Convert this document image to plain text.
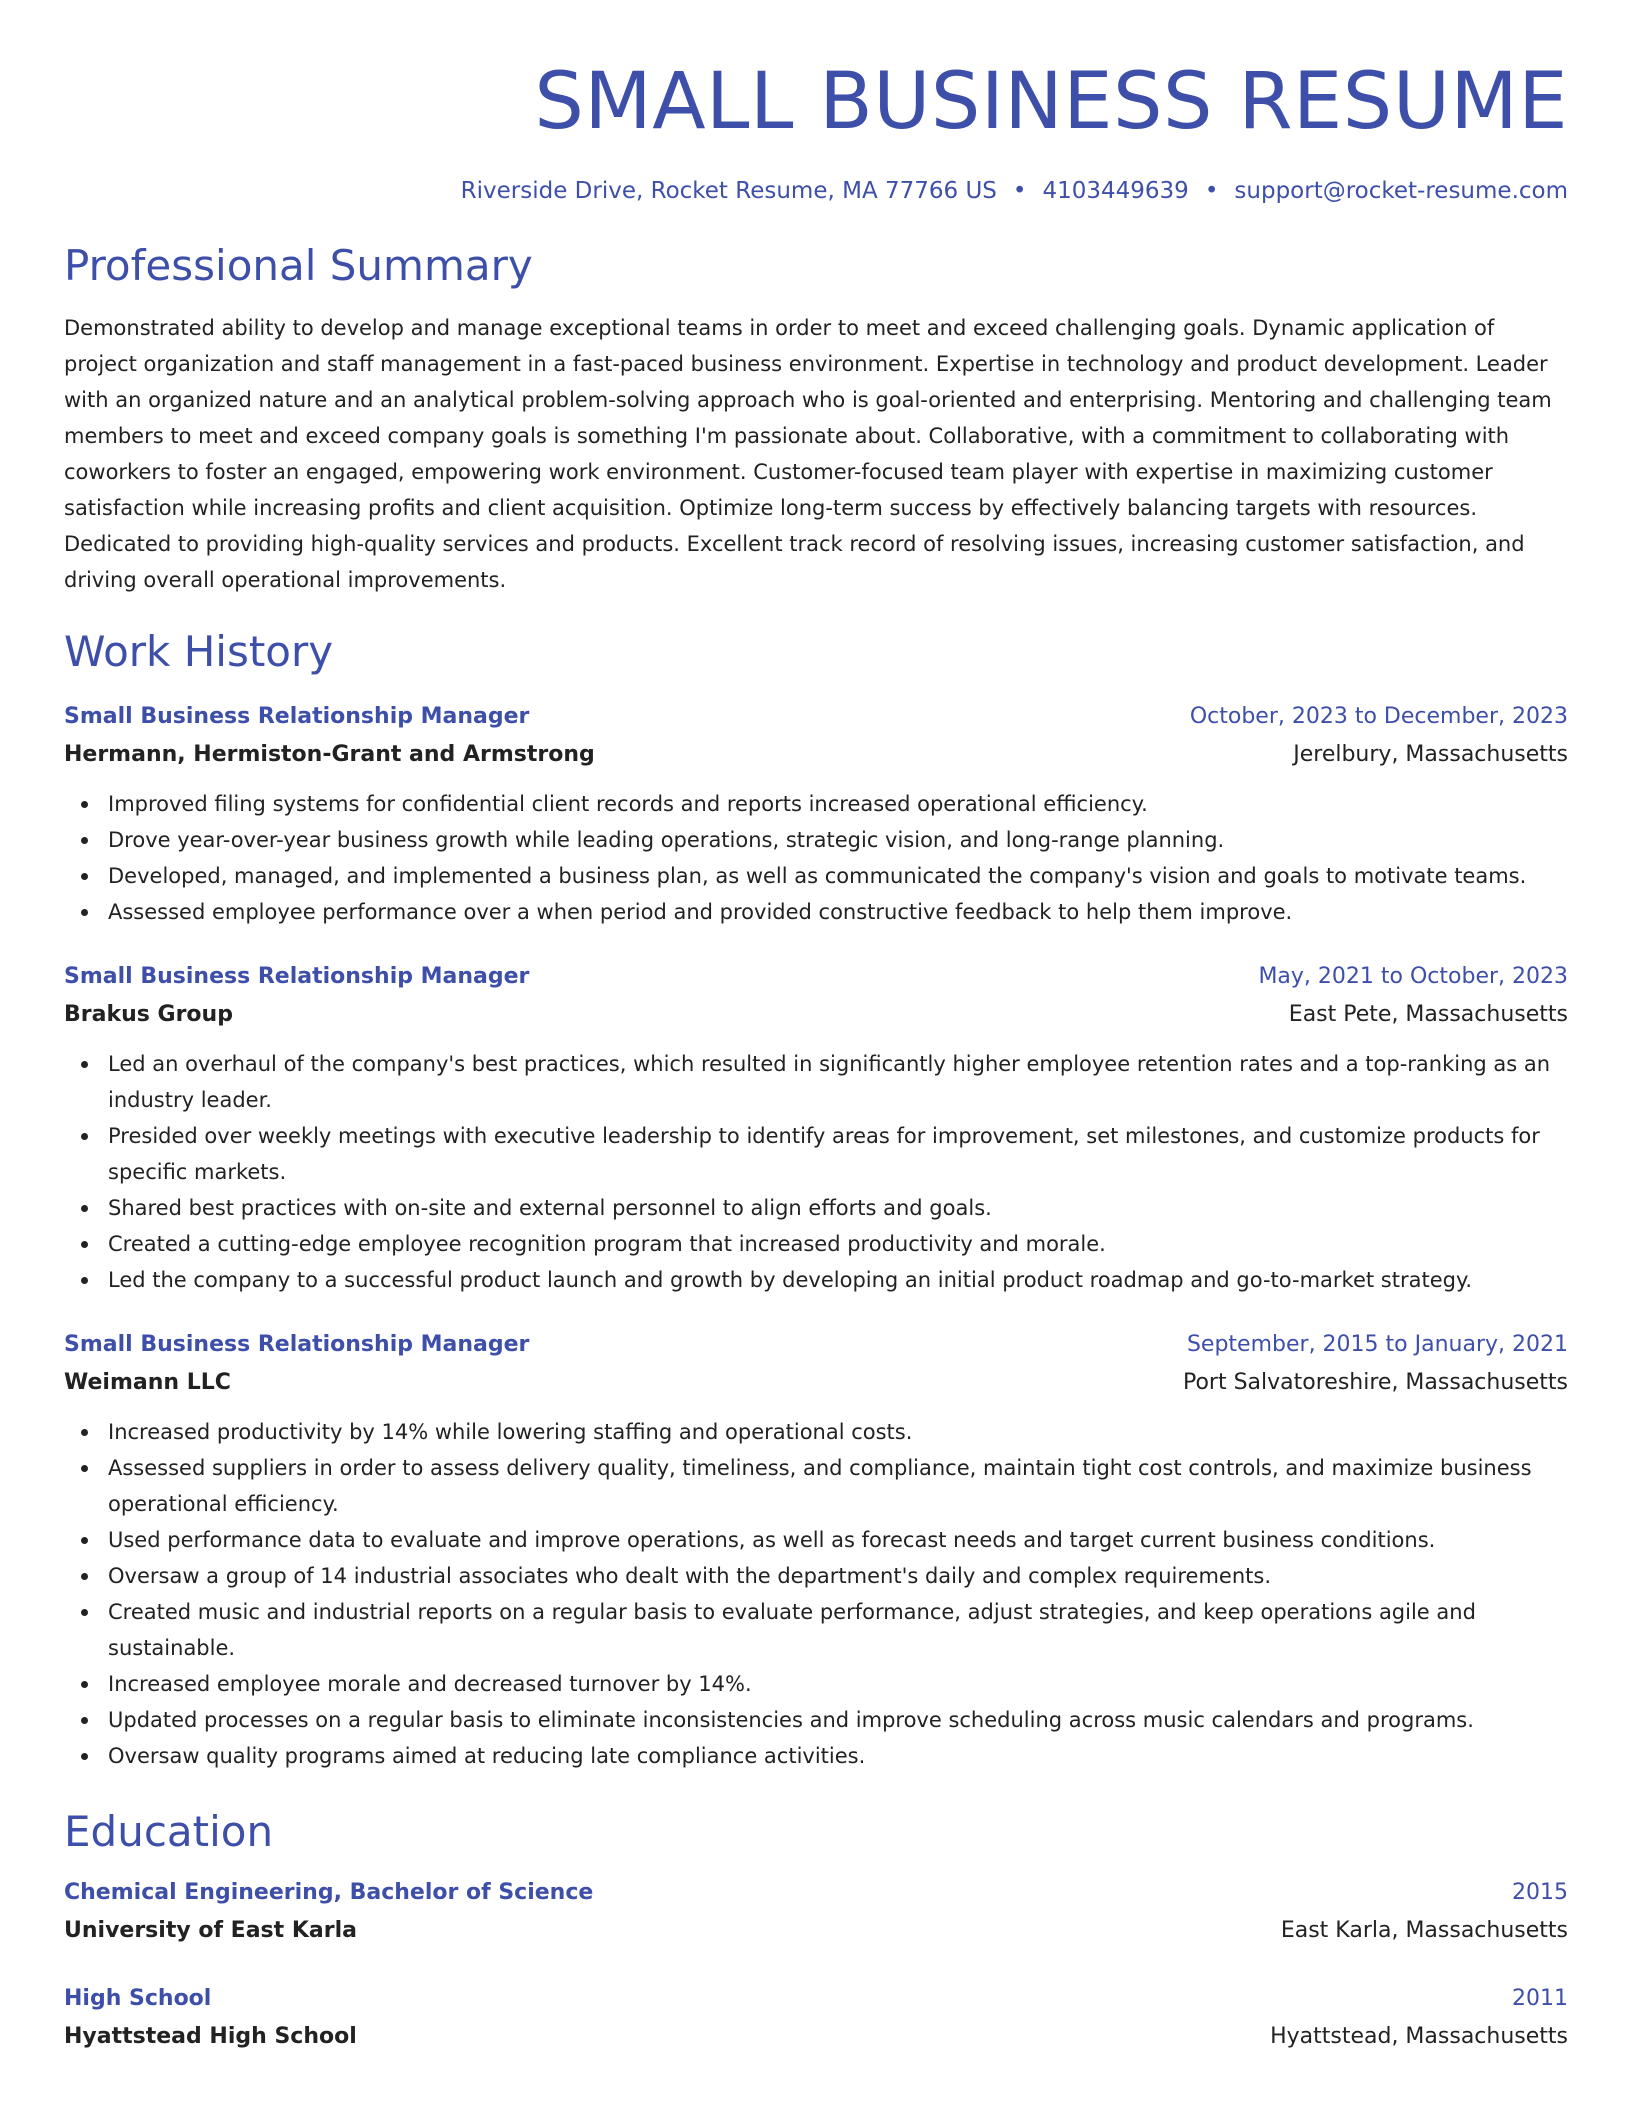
SMALL BUSINESS RESUME
Riverside Drive, Rocket Resume, MA 77766 US • 4103449639 • support@rocket-resume.com
Professional Summary

Demonstrated ability to develop and manage exceptional teams in order to meet and exceed challenging goals. Dynamic application of project organization and staff management in a fast-paced business environment. Expertise in technology and product development. Leader with an organized nature and an analytical problem-solving approach who is goal-oriented and enterprising. Mentoring and challenging team members to meet and exceed company goals is something I'm passionate about. Collaborative, with a commitment to collaborating with coworkers to foster an engaged, empowering work environment. Customer-focused team player with expertise in maximizing customer satisfaction while increasing profits and client acquisition. Optimize long-term success by effectively balancing targets with resources. Dedicated to providing high-quality services and products. Excellent track record of resolving issues, increasing customer satisfaction, and driving overall operational improvements.

Work History
Small Business Relationship Manager	October, 2023 to December, 2023
Hermann, Hermiston-Grant and Armstrong	Jerelbury, Massachusetts
Improved filing systems for confidential client records and reports increased operational efficiency.
Drove year-over-year business growth while leading operations, strategic vision, and long-range planning.
Developed, managed, and implemented a business plan, as well as communicated the company's vision and goals to motivate teams.
Assessed employee performance over a when period and provided constructive feedback to help them improve.
Small Business Relationship Manager	May, 2021 to October, 2023
Brakus Group	East Pete, Massachusetts
Led an overhaul of the company's best practices, which resulted in significantly higher employee retention rates and a top-ranking as an industry leader.
Presided over weekly meetings with executive leadership to identify areas for improvement, set milestones, and customize products for specific markets.
Shared best practices with on-site and external personnel to align efforts and goals.
Created a cutting-edge employee recognition program that increased productivity and morale.
Led the company to a successful product launch and growth by developing an initial product roadmap and go-to-market strategy.
Small Business Relationship Manager	September, 2015 to January, 2021
Weimann LLC	Port Salvatoreshire, Massachusetts
Increased productivity by 14% while lowering staffing and operational costs.
Assessed suppliers in order to assess delivery quality, timeliness, and compliance, maintain tight cost controls, and maximize business operational efficiency.
Used performance data to evaluate and improve operations, as well as forecast needs and target current business conditions.
Oversaw a group of 14 industrial associates who dealt with the department's daily and complex requirements.
Created music and industrial reports on a regular basis to evaluate performance, adjust strategies, and keep operations agile and sustainable.
Increased employee morale and decreased turnover by 14%.
Updated processes on a regular basis to eliminate inconsistencies and improve scheduling across music calendars and programs.
Oversaw quality programs aimed at reducing late compliance activities.
Education
Chemical Engineering, Bachelor of Science	2015
University of East Karla	East Karla, Massachusetts
High School	2011
Hyattstead High School	Hyattstead, Massachusetts
